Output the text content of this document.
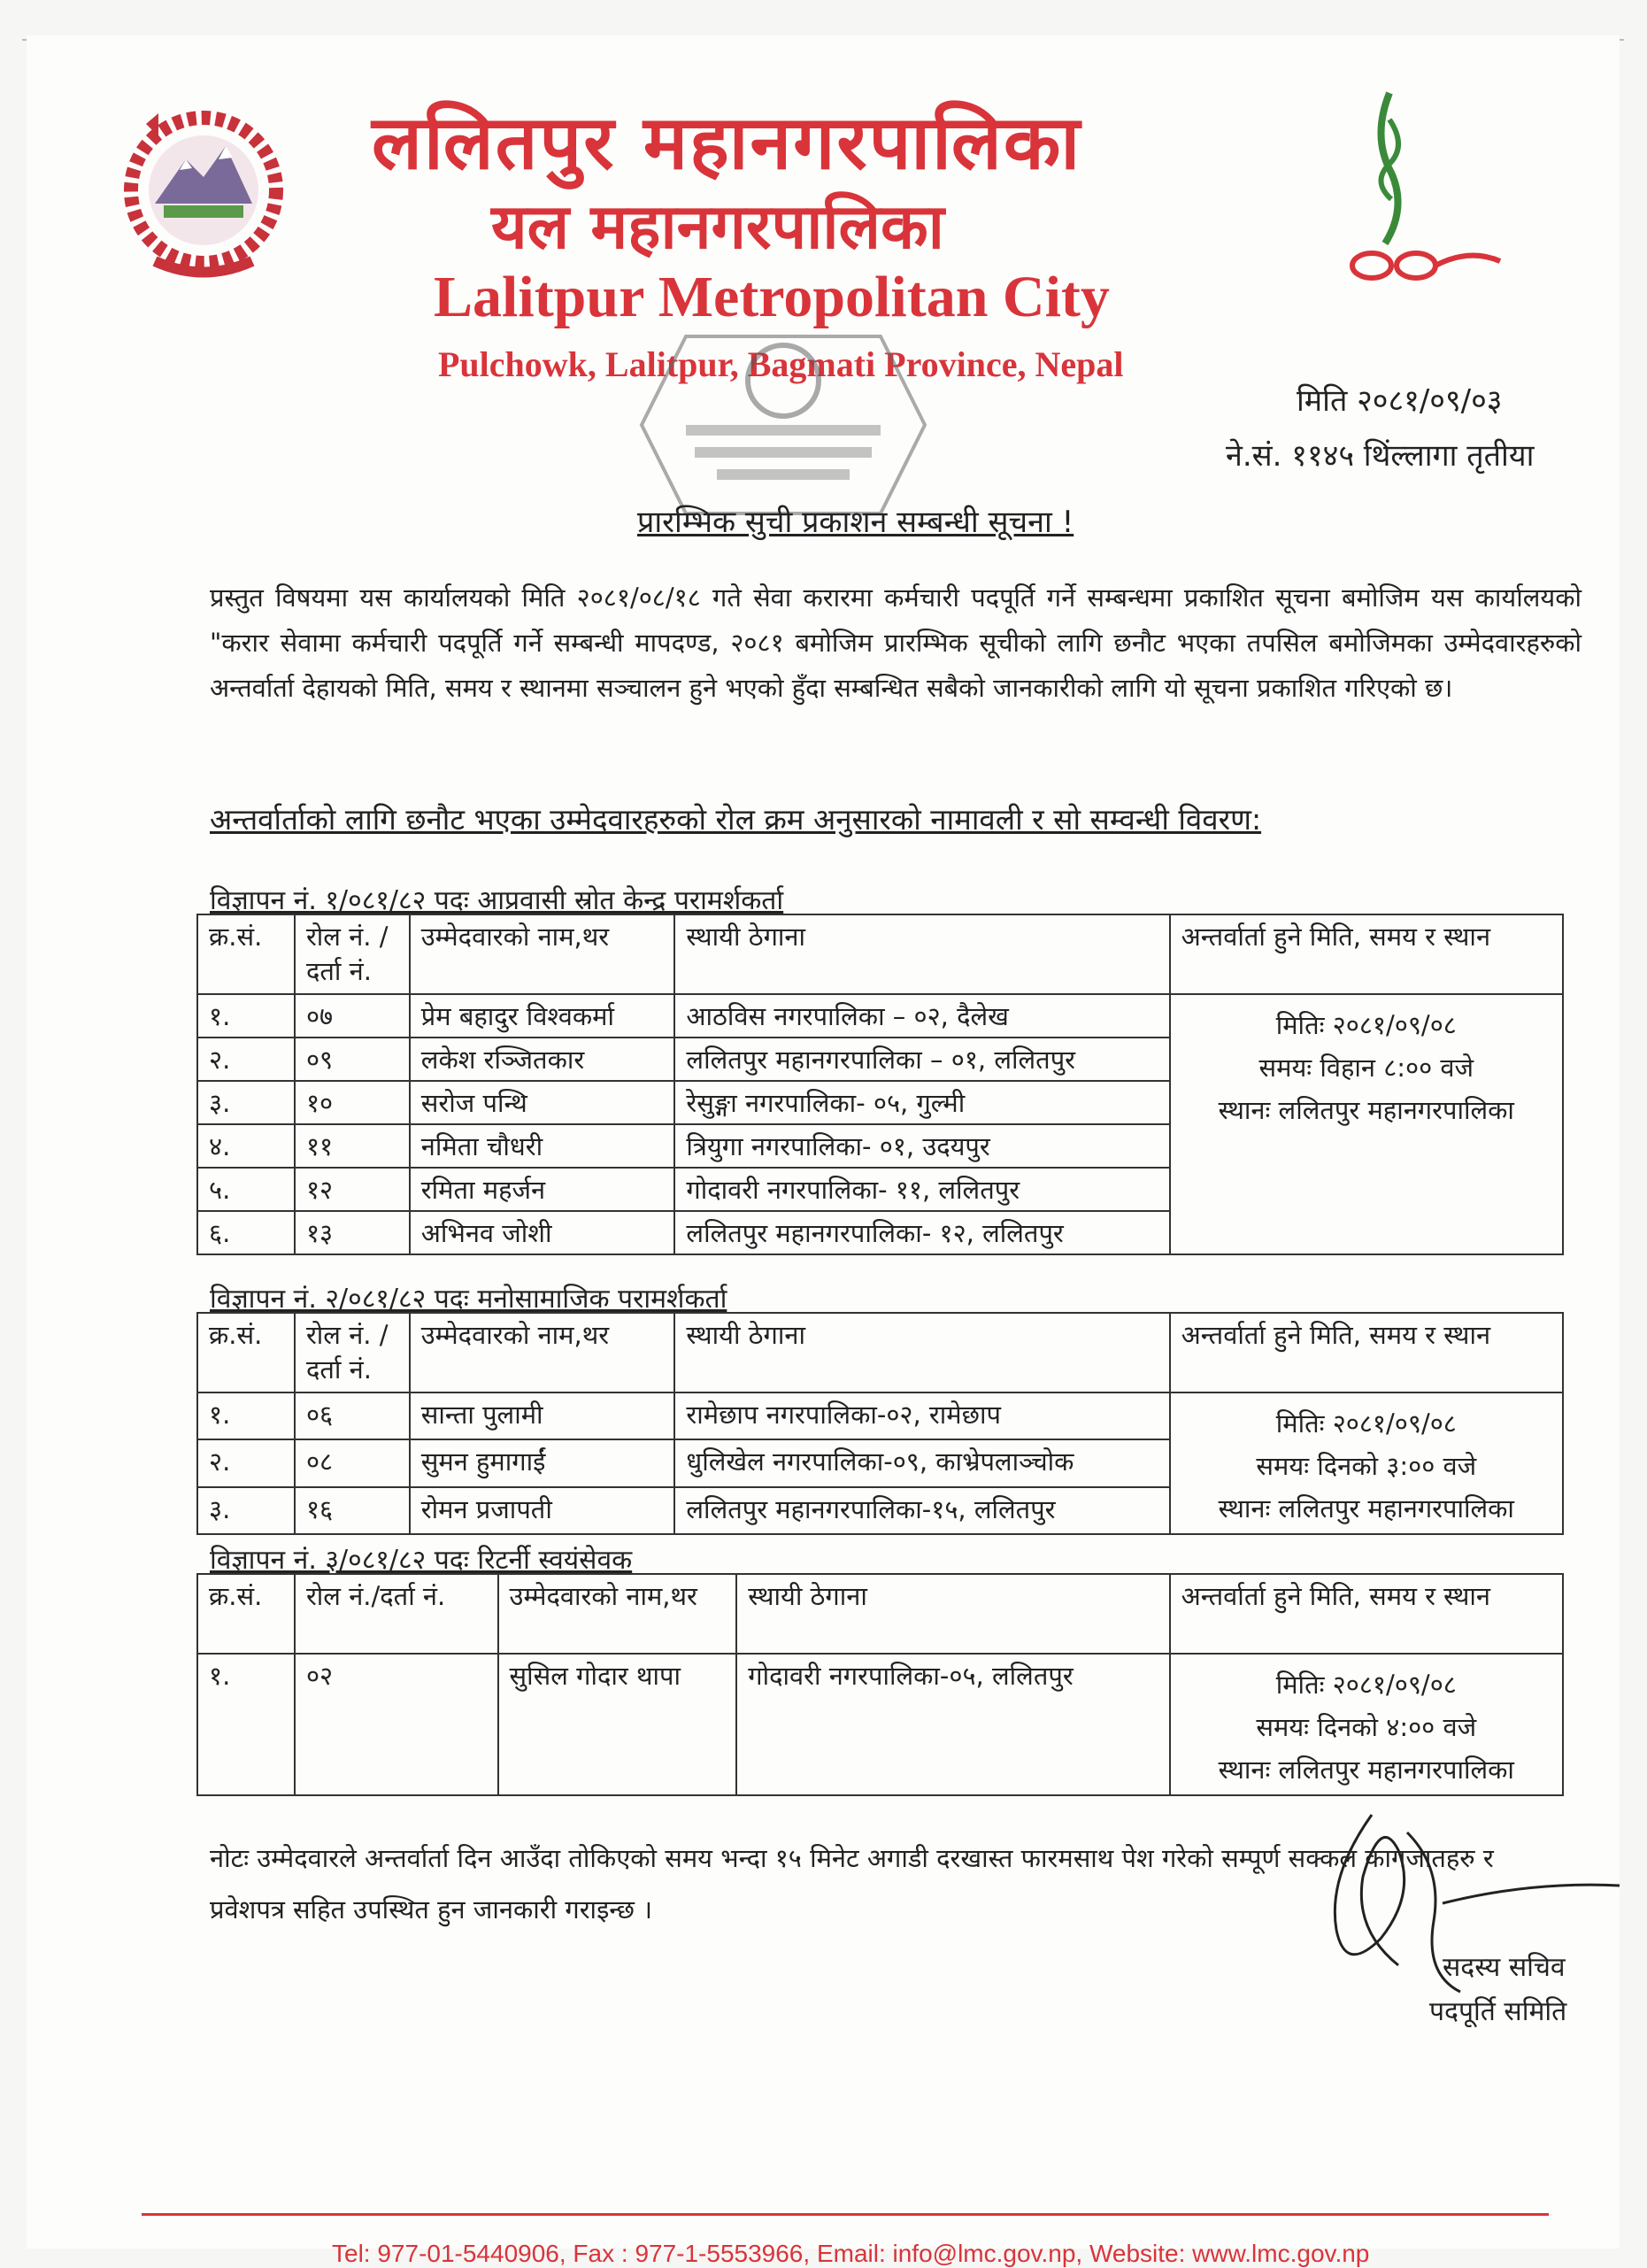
ललितपुर महानगरपालिका
यल महानगरपालिका
Lalitpur Metropolitan City
Pulchowk, Lalitpur, Bagmati Province, Nepal
मिति २०८१/०९/०३
ने.सं. ११४५ थिंल्लागा तृतीया
प्रारम्भिक सुची प्रकाशन सम्बन्धी सूचना !
प्रस्तुत विषयमा यस कार्यालयको मिति २०८१/०८/१८ गते सेवा करारमा कर्मचारी पदपूर्ति गर्ने सम्बन्धमा प्रकाशित सूचना बमोजिम यस कार्यालयको "करार सेवामा कर्मचारी पदपूर्ति गर्ने सम्बन्धी मापदण्ड, २०८१ बमोजिम प्रारम्भिक सूचीको लागि छनौट भएका तपसिल बमोजिमका उम्मेदवारहरुको अन्तर्वार्ता देहायको मिति, समय र स्थानमा सञ्चालन हुने भएको हुँदा सम्बन्धित सबैको जानकारीको लागि यो सूचना प्रकाशित गरिएको छ।
अन्तर्वार्ताको लागि छनौट भएका उम्मेदवारहरुको रोल क्रम अनुसारको नामावली र सो सम्वन्धी विवरण:
विज्ञापन नं. १/०८१/८२ पदः आप्रवासी स्रोत केन्द्र परामर्शकर्ता
क्र.सं.	रोल नं. /दर्ता नं.	उम्मेदवारको नाम,थर	स्थायी ठेगाना	अन्तर्वार्ता हुने मिति, समय र स्थान
१.	०७	प्रेम बहादुर विश्वकर्मा	आठविस नगरपालिका – ०२, दैलेख	मितिः २०८१/०९/०८
समयः विहान ८:०० वजे
स्थानः ललितपुर महानगरपालिका

२.	०९	लकेश रञ्जितकार	ललितपुर महानगरपालिका – ०१, ललितपुर	
३.	१०	सरोज पन्थि	रेसुङ्गा नगरपालिका- ०५, गुल्मी	
४.	११	नमिता चौधरी	त्रियुगा नगरपालिका- ०१, उदयपुर	
५.	१२	रमिता महर्जन	गोदावरी नगरपालिका- ११, ललितपुर	
६.	१३	अभिनव जोशी	ललितपुर महानगरपालिका- १२, ललितपुर	
विज्ञापन नं. २/०८१/८२ पदः मनोसामाजिक परामर्शकर्ता
क्र.सं.	रोल नं. /दर्ता नं.	उम्मेदवारको नाम,थर	स्थायी ठेगाना	अन्तर्वार्ता हुने मिति, समय र स्थान
१.	०६	सान्ता पुलामी	रामेछाप नगरपालिका-०२, रामेछाप	मितिः २०८१/०९/०८
समयः दिनको ३:०० वजे
स्थानः ललितपुर महानगरपालिका

२.	०८	सुमन हुमागाईं	धुलिखेल नगरपालिका-०९, काभ्रेपलाञ्चोक	
३.	१६	रोमन प्रजापती	ललितपुर महानगरपालिका-१५, ललितपुर	
विज्ञापन नं. ३/०८१/८२ पदः रिटर्नी स्वयंसेवक
क्र.सं.	रोल नं./दर्ता नं.	उम्मेदवारको नाम,थर	स्थायी ठेगाना	अन्तर्वार्ता हुने मिति, समय र स्थान
१.	०२	सुसिल गोदार थापा	गोदावरी नगरपालिका-०५, ललितपुर	मितिः २०८१/०९/०८
समयः दिनको ४:०० वजे
स्थानः ललितपुर महानगरपालिका
नोटः उम्मेदवारले अन्तर्वार्ता दिन आउँदा तोकिएको समय भन्दा १५ मिनेट अगाडी दरखास्त फारमसाथ पेश गरेको सम्पूर्ण सक्कल कागजातहरु र प्रवेशपत्र सहित उपस्थित हुन जानकारी गराइन्छ ।
सदस्य सचिव
पदपूर्ति समिति
Tel: 977-01-5440906, Fax : 977-1-5553966, Email: info@lmc.gov.np, Website: www.lmc.gov.np
